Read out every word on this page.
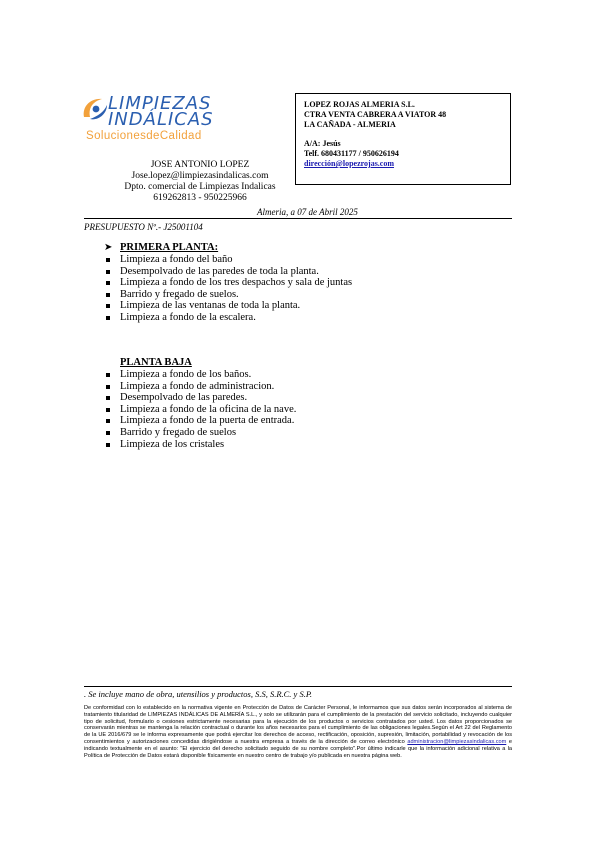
LIMPIEZAS
INDÁLICAS
SolucionesdeCalidad
JOSE ANTONIO LOPEZ
Jose.lopez@limpiezasindalicas.com
Dpto. comercial de Limpiezas Indalicas
619262813 - 950225966
LOPEZ ROJAS ALMERIA S.L.
CTRA VENTA CABRERA A VIATOR 48
LA CAÑADA - ALMERIA
A/A: Jesús
Telf. 680431177 / 950626194
dirección@lopezrojas.com
Almeria, a 07 de Abril 2025
PRESUPUESTO Nº.- J25001104
➤ PRIMERA PLANTA:
Limpieza a fondo del baño
Desempolvado de las paredes de toda la planta.
Limpieza a fondo de los tres despachos y sala de juntas
Barrido y fregado de suelos.
Limpieza de las ventanas de toda la planta.
Limpieza a fondo de la escalera.
PLANTA BAJA
Limpieza a fondo de los baños.
Limpieza a fondo de administracion.
Desempolvado de las paredes.
Limpieza a fondo de la oficina de la nave.
Limpieza a fondo de la puerta de entrada.
Barrido y fregado de suelos
Limpieza de los cristales
. Se incluye mano de obra, utensilios y productos, S.S, S.R.C. y S.P.
De conformidad con lo establecido en la normativa vigente en Protección de Datos de Carácter Personal, le informamos que sus datos serán incorporados al sistema de tratamiento titularidad de LIMPIEZAS INDÁLICAS DE ALMERÍA S.L., y solo se utilizarán para el cumplimiento de la prestación del servicio solicitado, incluyendo cualquier tipo de solicitud, formulario o cesiones estrictamente necesarias para la ejecución de los productos o servicios contratados por usted. Los datos proporcionados se conservarán mientras se mantenga la relación contractual o durante los años necesarios para el cumplimiento de las obligaciones legales.Según el Art 22 del Reglamento de la UE 2016/679 se le informa expresamente que podrá ejercitar los derechos de acceso, rectificación, oposición, supresión, limitación, portabilidad y revocación de los consentimientos y autorizaciones concedidas dirigiéndose a nuestra empresa a través de la dirección de correo electrónico administracion@limpiezasindalicas.com e indicando textualmente en el asunto: "El ejercicio del derecho solicitado seguido de su nombre completo".Por último indicarle que la información adicional relativa a la Política de Protección de Datos estará disponible físicamente en nuestro centro de trabajo y/o publicada en nuestra página web.
